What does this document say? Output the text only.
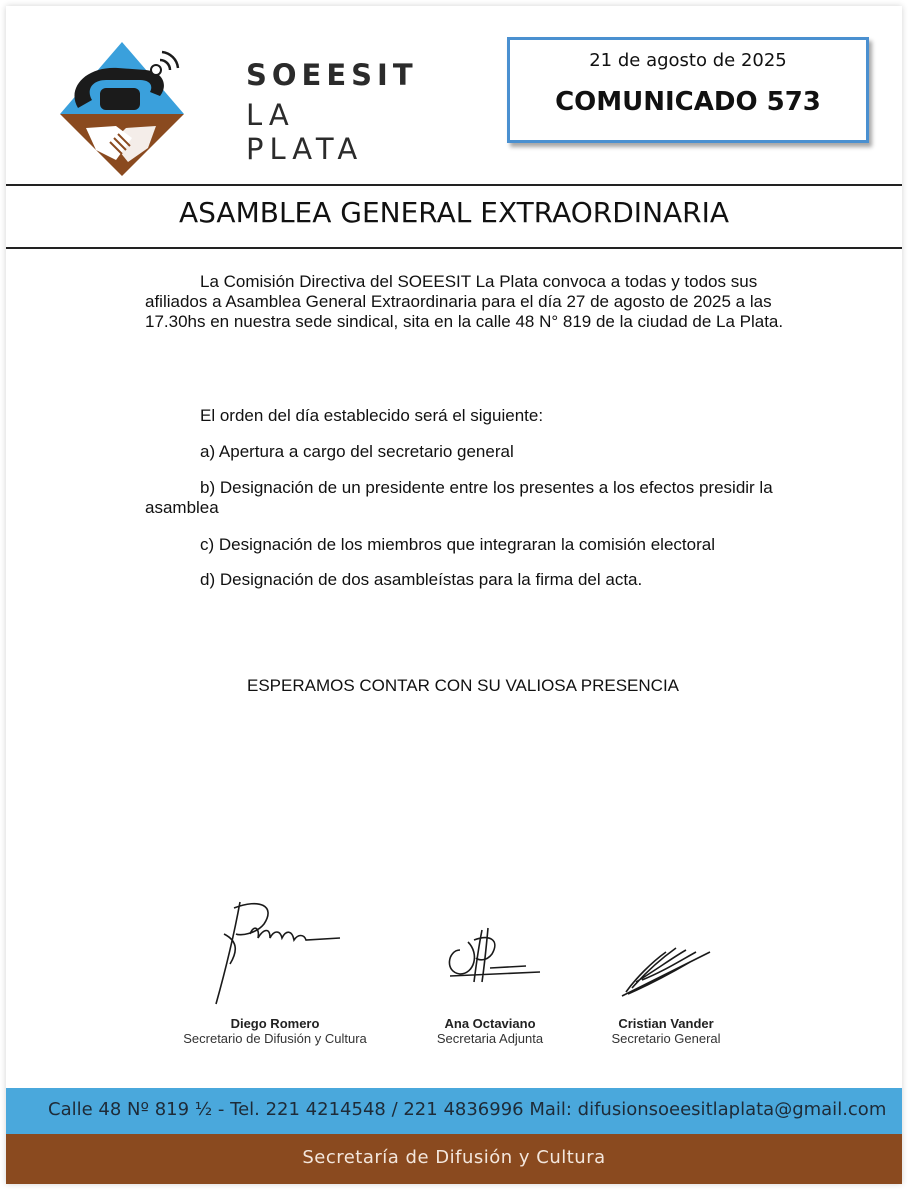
SOEESIT
LA PLATA
21 de agosto de 2025
COMUNICADO 573
ASAMBLEA GENERAL EXTRAORDINARIA

La Comisión Directiva del SOEESIT La Plata convoca a todas y todos sus afiliados a Asamblea General Extraordinaria para el día 27 de agosto de 2025 a las 17.30hs en nuestra sede sindical, sita en la calle 48 N° 819 de la ciudad de La Plata.

El orden del día establecido será el siguiente:

a) Apertura a cargo del secretario general

b) Designación de un presidente entre los presentes a los efectos presidir la asamblea

c) Designación de los miembros que integraran la comisión electoral

d) Designación de dos asambleístas para la firma del acta.

ESPERAMOS CONTAR CON SU VALIOSA PRESENCIA
Diego Romero
Secretario de Difusión y Cultura
Ana Octaviano
Secretaria Adjunta
Cristian Vander
Secretario General
Calle 48 Nº 819 ½ - Tel. 221 4214548 / 221 4836996 Mail: difusionsoeesitlaplata@gmail.com
Secretaría de Difusión y Cultura
